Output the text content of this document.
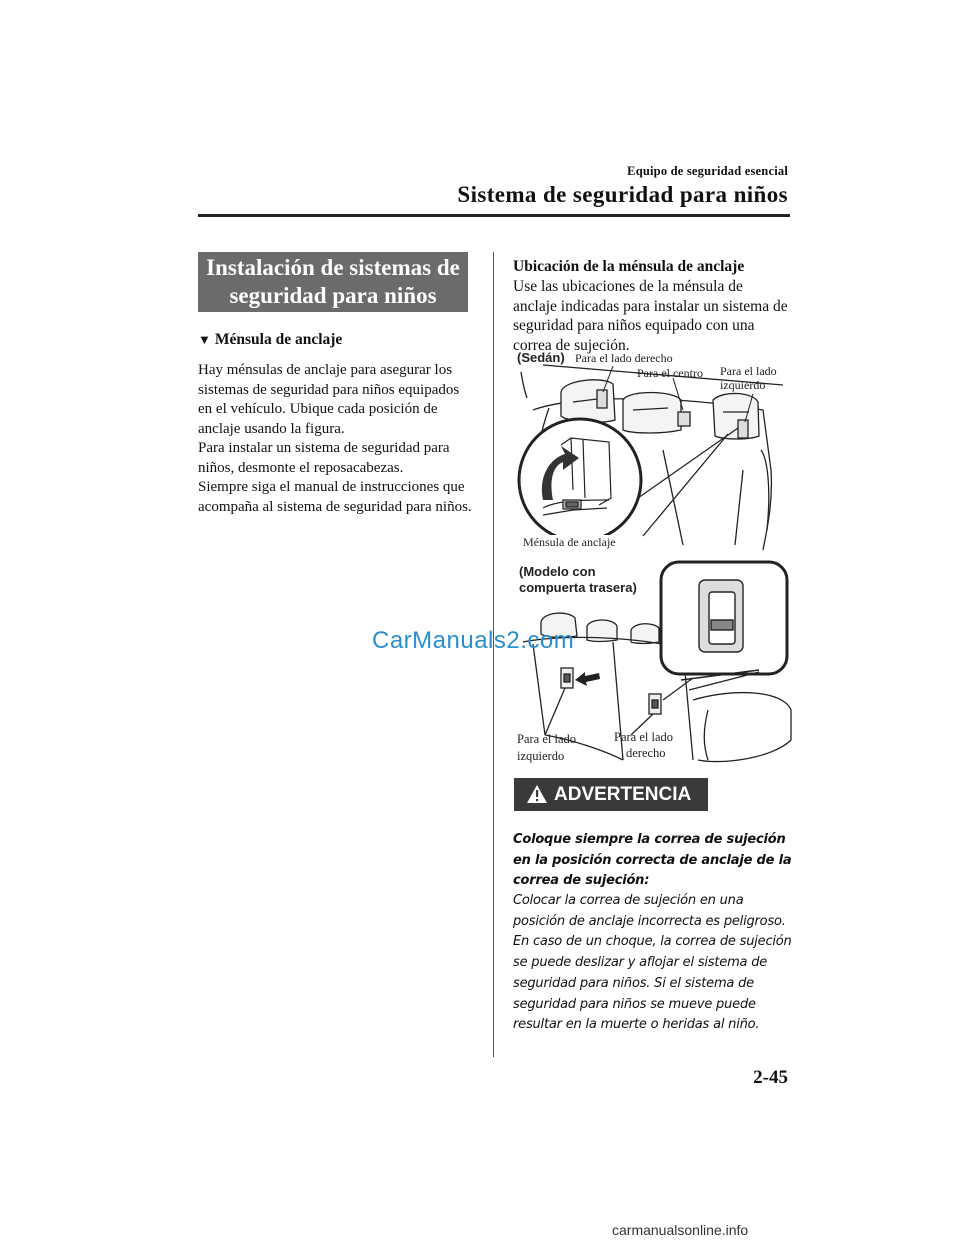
Equipo de seguridad esencial
Sistema de seguridad para niños
Instalación de sistemas de
seguridad para niños
▼ Ménsula de anclaje

Hay ménsulas de anclaje para asegurar los sistemas de seguridad para niños equipados en el vehículo. Ubique cada posición de anclaje usando la figura.

Para instalar un sistema de seguridad para niños, desmonte el reposacabezas.

Siempre siga el manual de instrucciones que acompaña al sistema de seguridad para niños.

Ubicación de la ménsula de anclaje
Use las ubicaciones de la ménsula de anclaje indicadas para instalar un sistema de seguridad para niños equipado con una correa de sujeción.
(Sedán) Para el lado derecho
Para el centro Para el lado
izquierdo
Ménsula de anclaje
(Modelo con
compuerta trasera)
Para el lado
izquierdo
Para el lado
derecho
CarManuals2.com
ADVERTENCIA
Coloque siempre la correa de sujeción en la posición correcta de anclaje de la correa de sujeción:
Colocar la correa de sujeción en una posición de anclaje incorrecta es peligroso. En caso de un choque, la correa de sujeción se puede deslizar y aflojar el sistema de seguridad para niños. Si el sistema de seguridad para niños se mueve puede resultar en la muerte o heridas al niño.
2-45
carmanualsonline.info
